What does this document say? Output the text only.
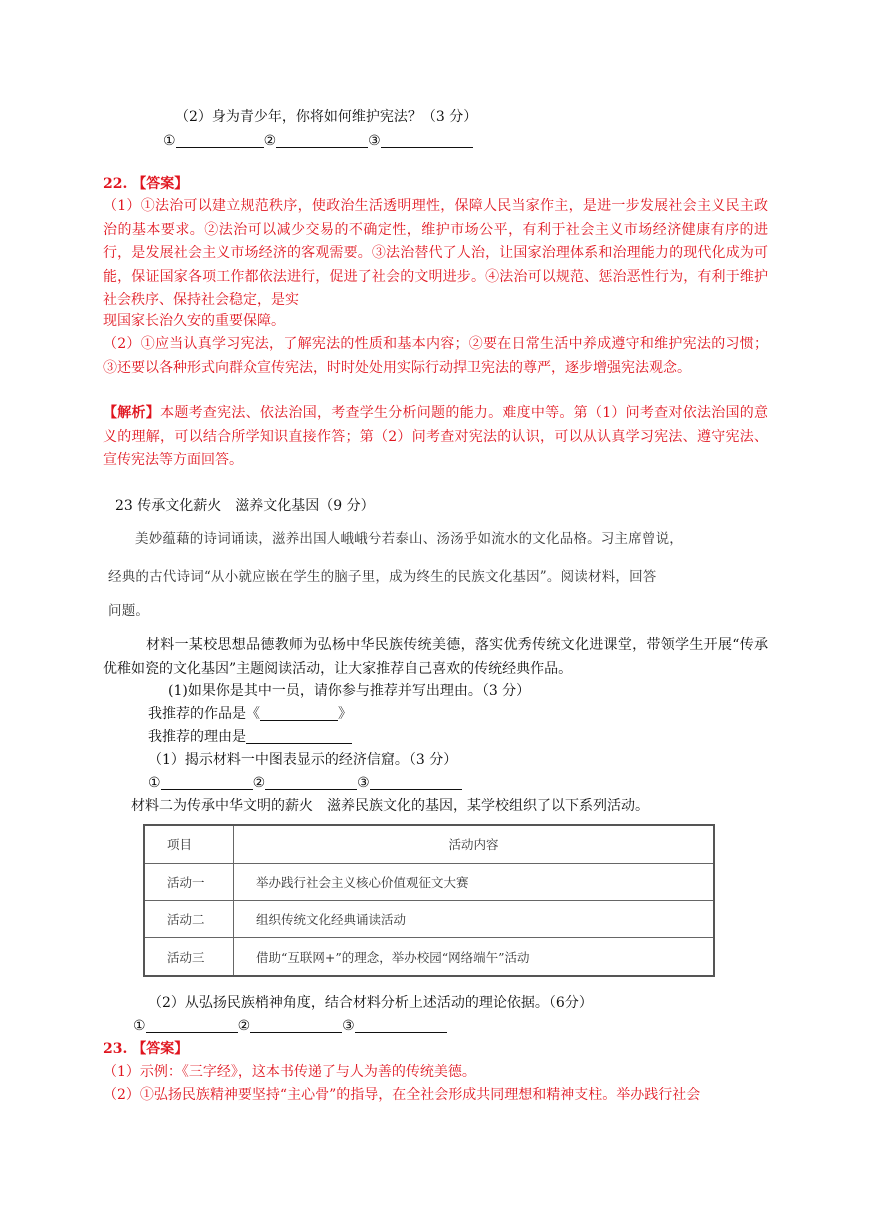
（2）身为青少年，你将如何维护宪法？（3 分）
①	②	③
22. 【答案】
（1）①法治可以建立规范秩序，使政治生活透明理性，保障人民当家作主，是进一步发展社会主义民主政治的基本要求。②法治可以减少交易的不确定性，维护市场公平，有利于社会主义市场经济健康有序的进行，是发展社会主义市场经济的客观需要。③法治替代了人治，让国家治理体系和治理能力的现代化成为可能，保证国家各项工作都依法进行，促进了社会的文明进步。④法治可以规范、惩治恶性行为，有利于维护社会秩序、保持社会稳定，是实
现国家长治久安的重要保障。
（2）①应当认真学习宪法，了解宪法的性质和基本内容；②要在日常生活中养成遵守和维护宪法的习惯；③还要以各种形式向群众宣传宪法，时时处处用实际行动捍卫宪法的尊严，逐步增强宪法观念。
【解析】本题考查宪法、依法治国，考查学生分析问题的能力。难度中等。第（1）问考查对依法治国的意义的理解，可以结合所学知识直接作答；第（2）问考查对宪法的认识，可以从认真学习宪法、遵守宪法、宣传宪法等方面回答。
23 传承文化薪火　滋养文化基因（9 分）
美妙蕴藉的诗词诵读，滋养出国人峨峨兮若泰山、汤汤乎如流水的文化品格。习主席曾说，
经典的古代诗词“从小就应嵌在学生的脑子里，成为终生的民族文化基因”。阅读材料，回答
问题。
材料一某校思想品德教师为弘杨中华民族传统美德，落实优秀传统文化进课堂，带领学生开展“传承优稚如瓷的文化基因”主题阅读活动，让大家推荐自己喜欢的传统经典作品。
(1)如果你是其中一员，请你参与推荐并写出理由。（3 分）
我推荐的作品是《	》
我推荐的理由是
（1）揭示材料一中图表显示的经济信窟。（3 分）
①	②	③
材料二为传承中华文明的薪火　滋养民族文化的基因，某学校组织了以下系列活动。
项目	活动内容
活动一	举办践行社会主义核心价值观征文大赛
活动二	组织传统文化经典诵读活动
活动三	借助“互联网+”的理念，举办校园“网络端午”活动
（2）从弘扬民族梢神角度，结合材料分析上述活动的理论依据。（6分）
①	②	③
23. 【答案】
（1）示例：《三字经》，这本书传递了与人为善的传统美德。
（2）①弘扬民族精神要坚持“主心骨”的指导，在全社会形成共同理想和精神支柱。举办践行社会
